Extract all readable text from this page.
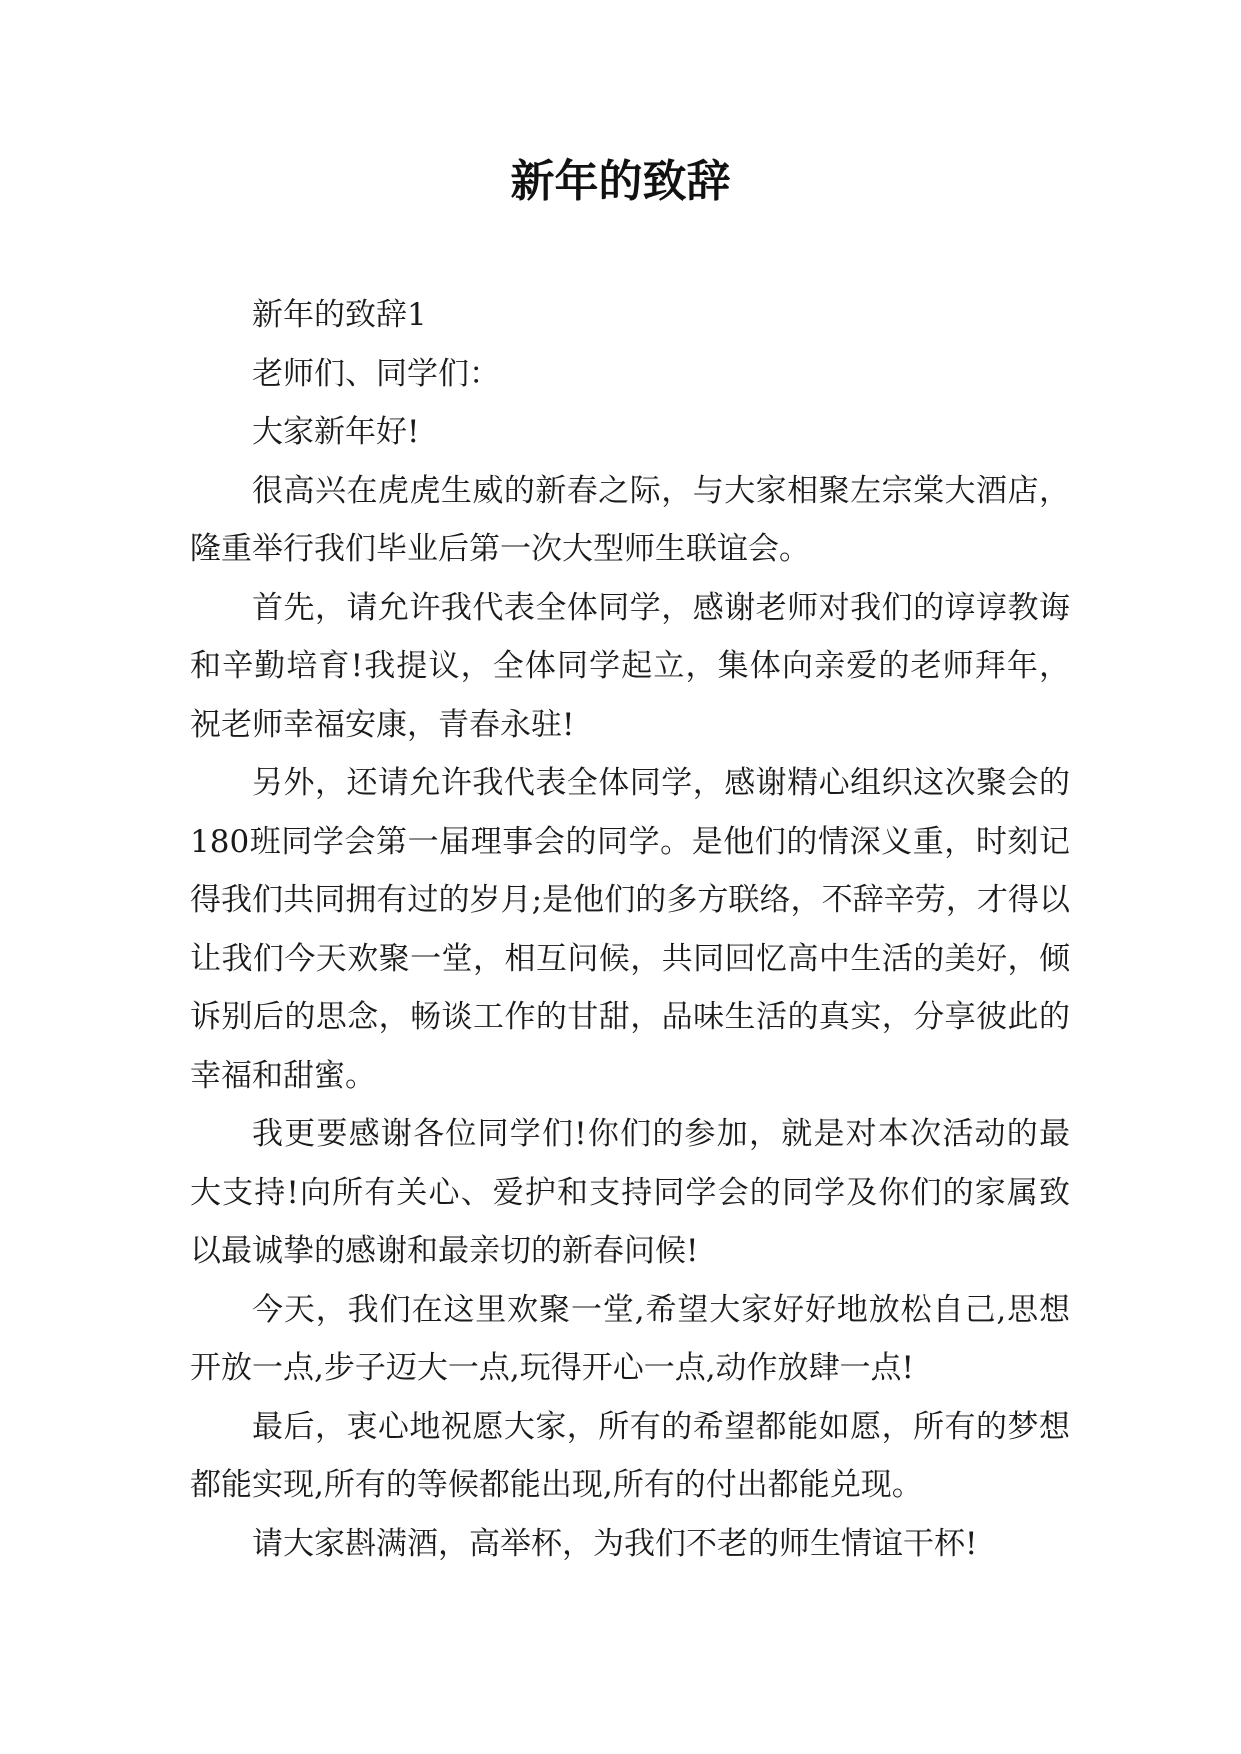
新年的致辞

新年的致辞1

老师们、同学们：

大家新年好!

很高兴在虎虎生威的新春之际，与大家相聚左宗棠大酒店，隆重举行我们毕业后第一次大型师生联谊会。

首先，请允许我代表全体同学，感谢老师对我们的谆谆教诲和辛勤培育!我提议，全体同学起立，集体向亲爱的老师拜年，祝老师幸福安康，青春永驻!

另外，还请允许我代表全体同学，感谢精心组织这次聚会的180班同学会第一届理事会的同学。是他们的情深义重，时刻记得我们共同拥有过的岁月;是他们的多方联络，不辞辛劳，才得以让我们今天欢聚一堂，相互问候，共同回忆高中生活的美好，倾诉别后的思念，畅谈工作的甘甜，品味生活的真实，分享彼此的幸福和甜蜜。

我更要感谢各位同学们!你们的参加，就是对本次活动的最大支持!向所有关心、爱护和支持同学会的同学及你们的家属致以最诚挚的感谢和最亲切的新春问候!

今天，我们在这里欢聚一堂,希望大家好好地放松自己,思想开放一点,步子迈大一点,玩得开心一点,动作放肆一点!

最后，衷心地祝愿大家，所有的希望都能如愿，所有的梦想都能实现,所有的等候都能出现,所有的付出都能兑现。

请大家斟满酒，高举杯，为我们不老的师生情谊干杯!
